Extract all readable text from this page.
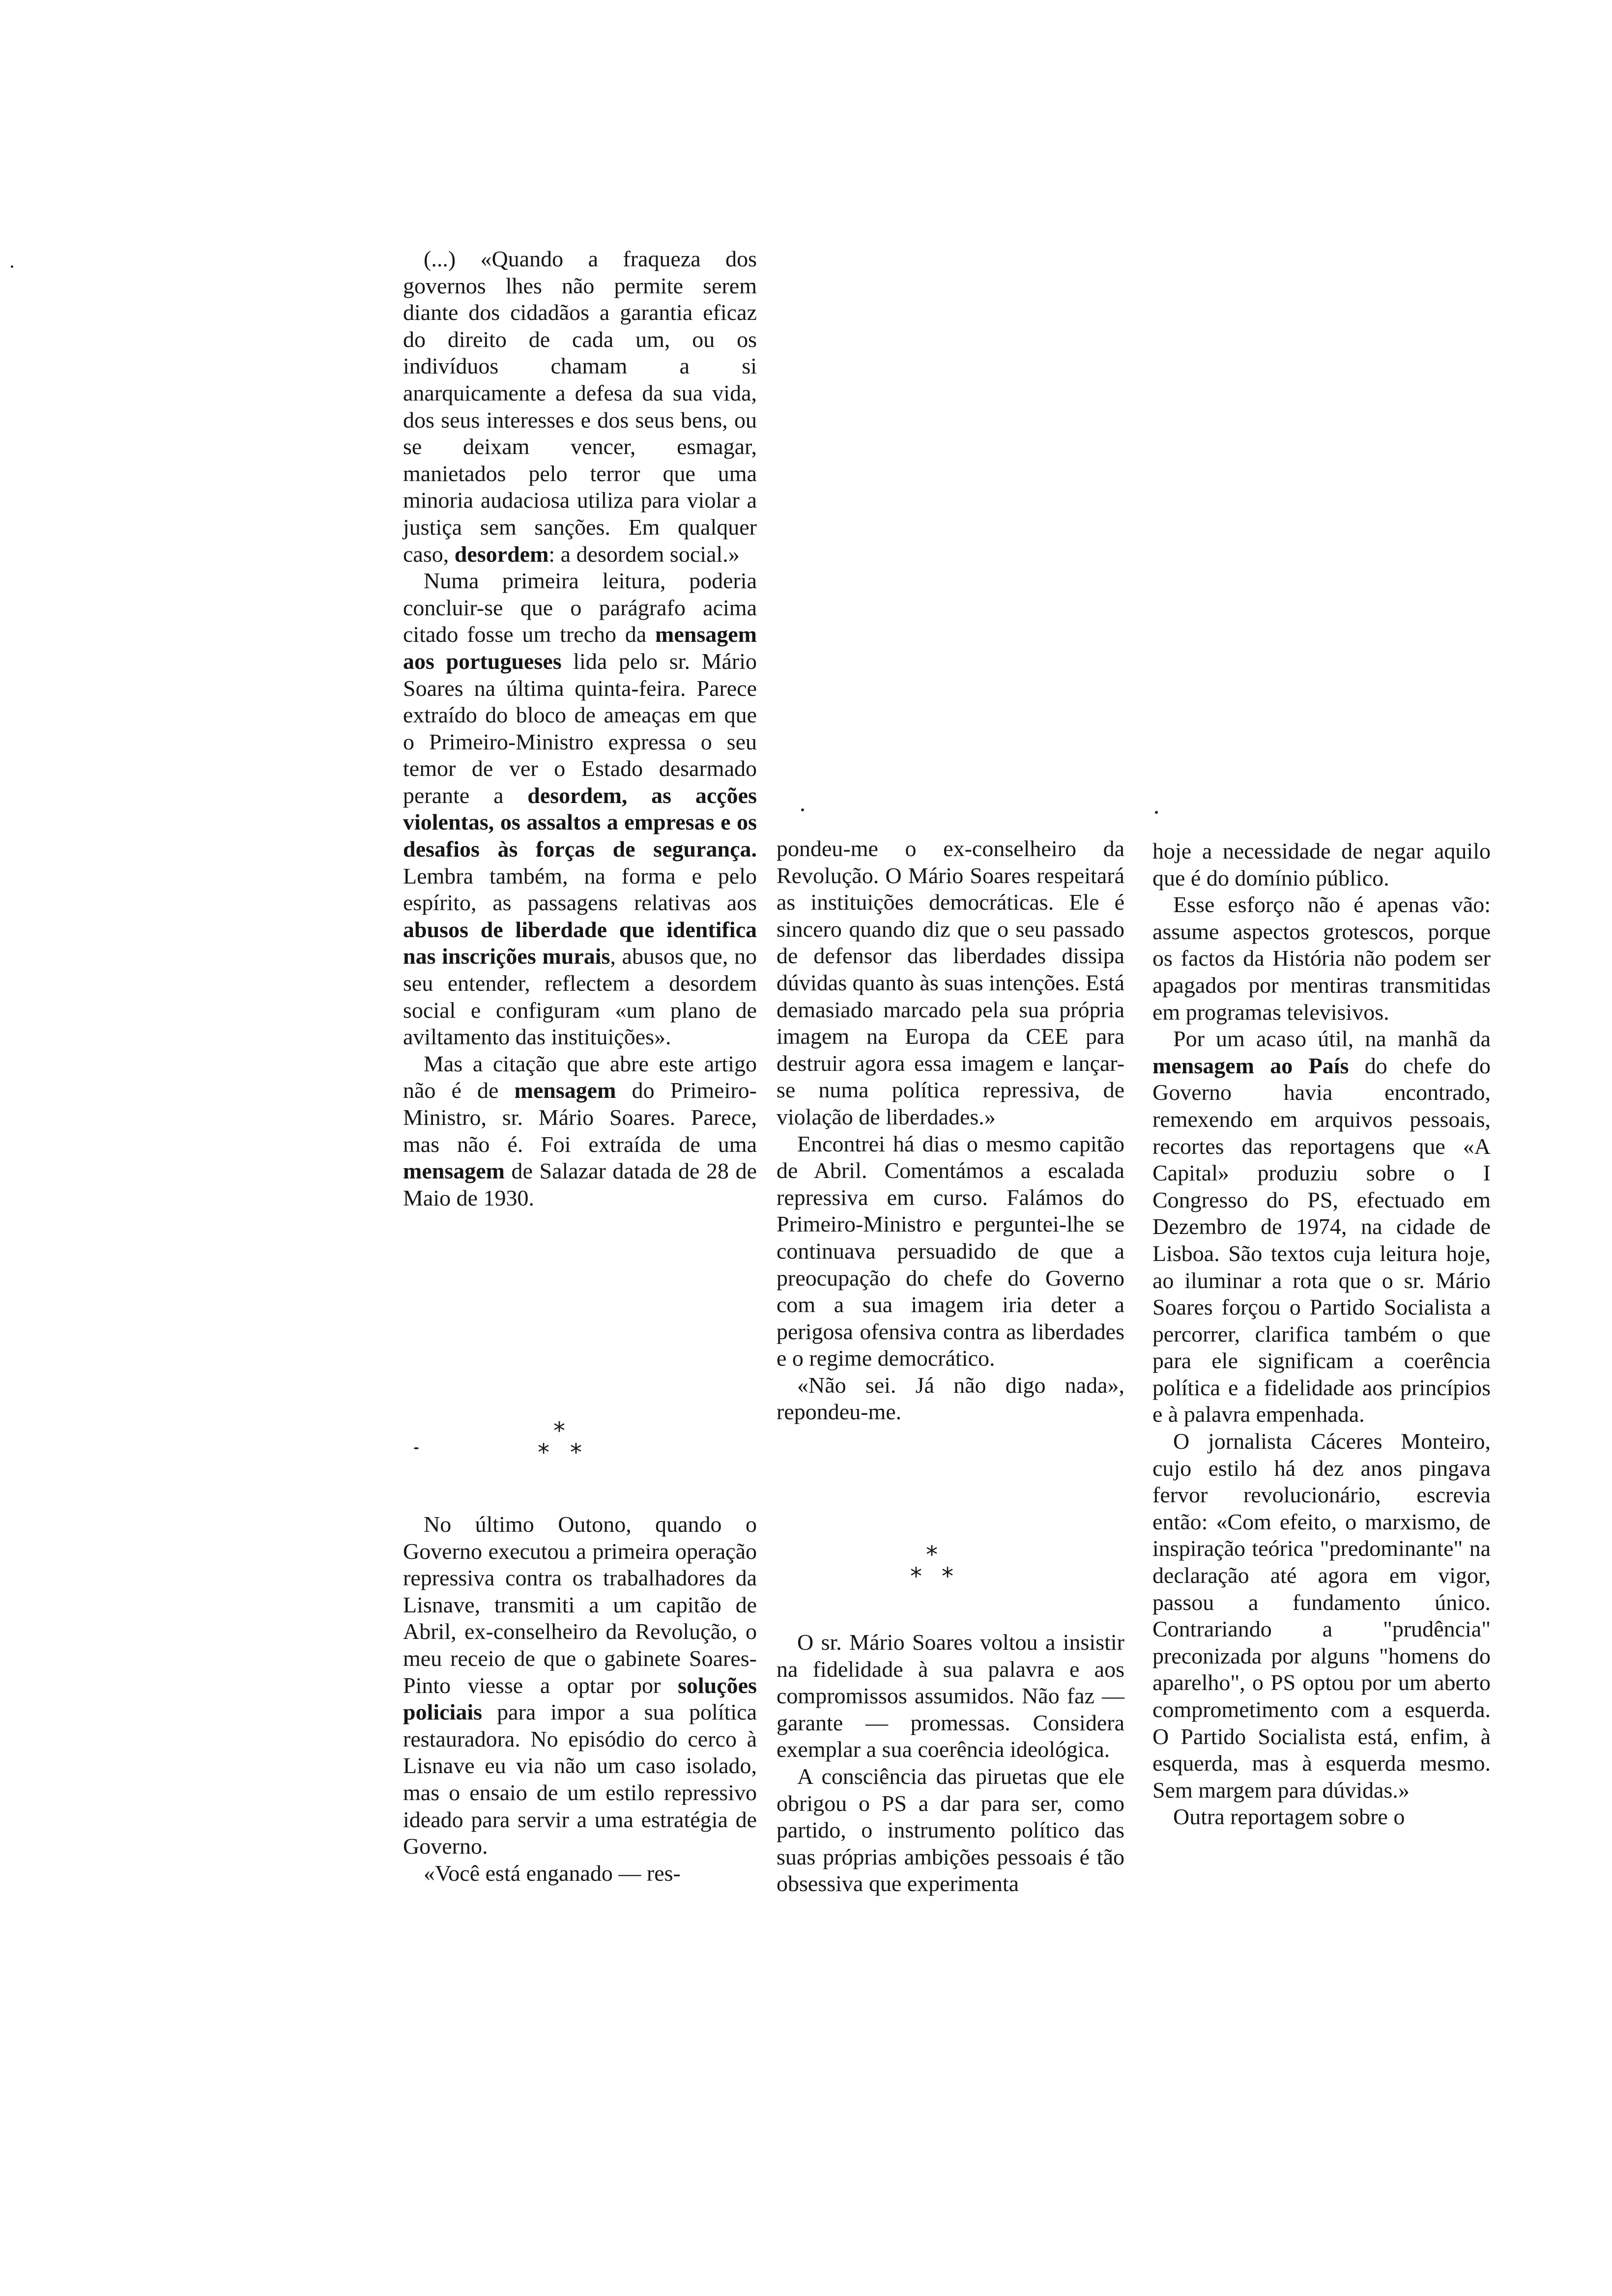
(...) «Quando a fraqueza dos governos lhes não permite serem diante dos cidadãos a garantia eficaz do direito de cada um, ou os indivíduos chamam a si anarquicamente a defesa da sua vida, dos seus interesses e dos seus bens, ou se deixam vencer, esmagar, manietados pelo terror que uma minoria audaciosa utiliza para violar a justiça sem sanções. Em qualquer caso, desordem: a desordem social.»

Numa primeira leitura, poderia concluir-se que o parágrafo acima citado fosse um trecho da mensagem aos portugueses lida pelo sr. Mário Soares na última quinta-feira. Parece extraído do bloco de ameaças em que o Primeiro-Ministro expressa o seu temor de ver o Estado desarmado perante a desordem, as acções violentas, os assaltos a empresas e os desafios às forças de segurança. Lembra também, na forma e pelo espírito, as passagens relativas aos abusos de liberdade que identifica nas inscrições murais, abusos que, no seu entender, reflectem a desordem social e configuram «um plano de aviltamento das instituições».

Mas a citação que abre este artigo não é de mensagem do Primeiro-Ministro, sr. Mário Soares. Parece, mas não é. Foi extraída de uma mensagem de Salazar datada de 28 de Maio de 1930.

No último Outono, quando o Governo executou a primeira operação repressiva contra os trabalhadores da Lisnave, transmiti a um capitão de Abril, ex-conselheiro da Revolução, o meu receio de que o gabinete Soares-Pinto viesse a optar por soluções policiais para impor a sua política restauradora. No episódio do cerco à Lisnave eu via não um caso isolado, mas o ensaio de um estilo repressivo ideado para servir a uma estratégia de Governo.

«Você está enganado — res-

pondeu-me o ex-conselheiro da Revolução. O Mário Soares respeitará as instituições democráticas. Ele é sincero quando diz que o seu passado de defensor das liberdades dissipa dúvidas quanto às suas intenções. Está demasiado marcado pela sua própria imagem na Europa da CEE para destruir agora essa imagem e lançar-se numa política repressiva, de violação de liberdades.»

Encontrei há dias o mesmo capitão de Abril. Comentámos a escalada repressiva em curso. Falámos do Primeiro-Ministro e perguntei-lhe se continuava persuadido de que a preocupação do chefe do Governo com a sua imagem iria deter a perigosa ofensiva contra as liberdades e o regime democrático.

«Não sei. Já não digo nada», repondeu-me.

O sr. Mário Soares voltou a insistir na fidelidade à sua palavra e aos compromissos assumidos. Não faz — garante — promessas. Considera exemplar a sua coerência ideológica.

A consciência das piruetas que ele obrigou o PS a dar para ser, como partido, o instrumento político das suas próprias ambições pessoais é tão obsessiva que experimenta

hoje a necessidade de negar aquilo que é do domínio público.

Esse esforço não é apenas vão: assume aspectos grotescos, porque os factos da História não podem ser apagados por mentiras transmitidas em programas televisivos.

Por um acaso útil, na manhã da mensagem ao País do chefe do Governo havia encontrado, remexendo em arquivos pessoais, recortes das reportagens que «A Capital» produziu sobre o I Congresso do PS, efectuado em Dezembro de 1974, na cidade de Lisboa. São textos cuja leitura hoje, ao iluminar a rota que o sr. Mário Soares forçou o Partido Socialista a percorrer, clarifica também o que para ele significam a coerência política e a fidelidade aos princípios e à palavra empenhada.

O jornalista Cáceres Monteiro, cujo estilo há dez anos pingava fervor revolucionário, escrevia então: «Com efeito, o marxismo, de inspiração teórica "predominante" na declaração até agora em vigor, passou a fundamento único. Contrariando a "prudência" preconizada por alguns "homens do aparelho", o PS optou por um aberto comprometimento com a esquerda. O Partido Socialista está, enfim, à esquerda, mas à esquerda mesmo. Sem margem para dúvidas.»

Outra reportagem sobre o

*
* *
*
* *
